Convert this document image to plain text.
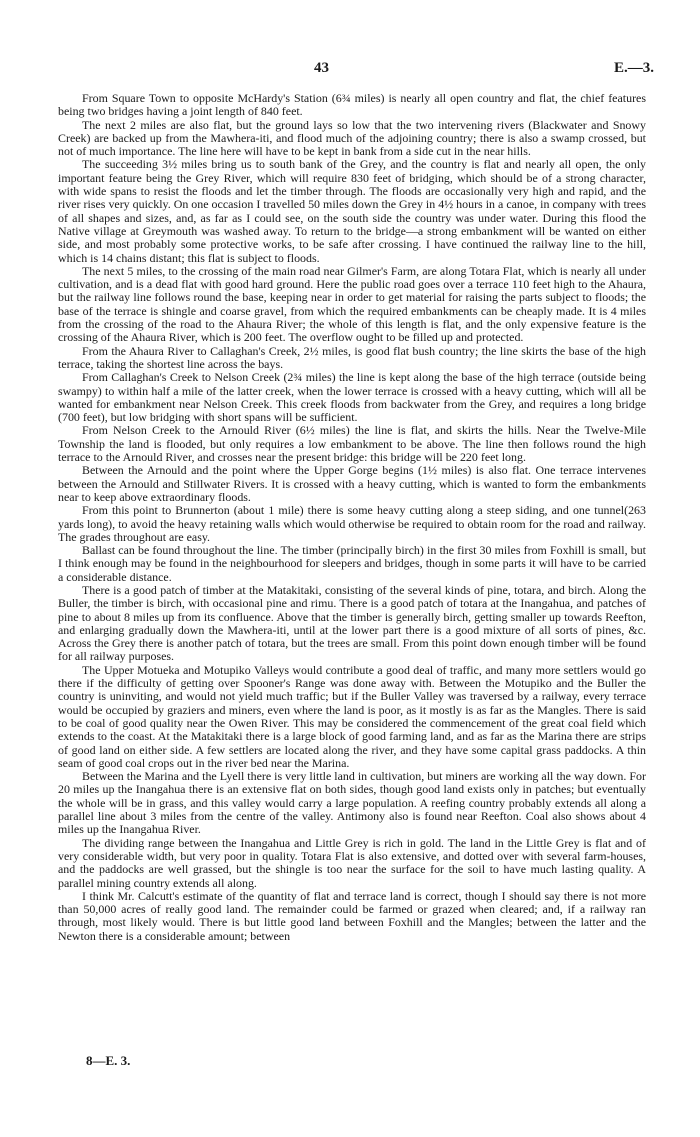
43	E.—3.

From Square Town to opposite McHardy's Station (6¾ miles) is nearly all open country and flat, the chief features being two bridges having a joint length of 840 feet.

The next 2 miles are also flat, but the ground lays so low that the two intervening rivers (Blackwater and Snowy Creek) are backed up from the Mawhera-iti, and flood much of the adjoining country; there is also a swamp crossed, but not of much importance. The line here will have to be kept in bank from a side cut in the near hills.

The succeeding 3½ miles bring us to south bank of the Grey, and the country is flat and nearly all open, the only important feature being the Grey River, which will require 830 feet of bridging, which should be of a strong character, with wide spans to resist the floods and let the timber through. The floods are occasionally very high and rapid, and the river rises very quickly. On one occasion I travelled 50 miles down the Grey in 4½ hours in a canoe, in company with trees of all shapes and sizes, and, as far as I could see, on the south side the country was under water. During this flood the Native village at Greymouth was washed away. To return to the bridge—a strong embankment will be wanted on either side, and most probably some protective works, to be safe after crossing. I have continued the railway line to the hill, which is 14 chains distant; this flat is subject to floods.

The next 5 miles, to the crossing of the main road near Gilmer's Farm, are along Totara Flat, which is nearly all under cultivation, and is a dead flat with good hard ground. Here the public road goes over a terrace 110 feet high to the Ahaura, but the railway line follows round the base, keeping near in order to get material for raising the parts subject to floods; the base of the terrace is shingle and coarse gravel, from which the required embankments can be cheaply made. It is 4 miles from the crossing of the road to the Ahaura River; the whole of this length is flat, and the only expensive feature is the crossing of the Ahaura River, which is 200 feet. The overflow ought to be filled up and protected.

From the Ahaura River to Callaghan's Creek, 2½ miles, is good flat bush country; the line skirts the base of the high terrace, taking the shortest line across the bays.

From Callaghan's Creek to Nelson Creek (2¾ miles) the line is kept along the base of the high terrace (outside being swampy) to within half a mile of the latter creek, when the lower terrace is crossed with a heavy cutting, which will all be wanted for embankment near Nelson Creek. This creek floods from backwater from the Grey, and requires a long bridge (700 feet), but low bridging with short spans will be sufficient.

From Nelson Creek to the Arnould River (6½ miles) the line is flat, and skirts the hills. Near the Twelve-Mile Township the land is flooded, but only requires a low embankment to be above. The line then follows round the high terrace to the Arnould River, and crosses near the present bridge: this bridge will be 220 feet long.

Between the Arnould and the point where the Upper Gorge begins (1½ miles) is also flat. One terrace intervenes between the Arnould and Stillwater Rivers. It is crossed with a heavy cutting, which is wanted to form the embankments near to keep above extraordinary floods.

From this point to Brunnerton (about 1 mile) there is some heavy cutting along a steep siding, and one tunnel(263 yards long), to avoid the heavy retaining walls which would otherwise be required to obtain room for the road and railway. The grades throughout are easy.

Ballast can be found throughout the line. The timber (principally birch) in the first 30 miles from Foxhill is small, but I think enough may be found in the neighbourhood for sleepers and bridges, though in some parts it will have to be carried a considerable distance.

There is a good patch of timber at the Matakitaki, consisting of the several kinds of pine, totara, and birch. Along the Buller, the timber is birch, with occasional pine and rimu. There is a good patch of totara at the Inangahua, and patches of pine to about 8 miles up from its confluence. Above that the timber is generally birch, getting smaller up towards Reefton, and enlarging gradually down the Mawhera-iti, until at the lower part there is a good mixture of all sorts of pines, &c. Across the Grey there is another patch of totara, but the trees are small. From this point down enough timber will be found for all railway purposes.

The Upper Motueka and Motupiko Valleys would contribute a good deal of traffic, and many more settlers would go there if the difficulty of getting over Spooner's Range was done away with. Between the Motupiko and the Buller the country is uninviting, and would not yield much traffic; but if the Buller Valley was traversed by a railway, every terrace would be occupied by graziers and miners, even where the land is poor, as it mostly is as far as the Mangles. There is said to be coal of good quality near the Owen River. This may be considered the commencement of the great coal field which extends to the coast. At the Matakitaki there is a large block of good farming land, and as far as the Marina there are strips of good land on either side. A few settlers are located along the river, and they have some capital grass paddocks. A thin seam of good coal crops out in the river bed near the Marina.

Between the Marina and the Lyell there is very little land in cultivation, but miners are working all the way down. For 20 miles up the Inangahua there is an extensive flat on both sides, though good land exists only in patches; but eventually the whole will be in grass, and this valley would carry a large population. A reefing country probably extends all along a parallel line about 3 miles from the centre of the valley. Antimony also is found near Reefton. Coal also shows about 4 miles up the Inangahua River.

The dividing range between the Inangahua and Little Grey is rich in gold. The land in the Little Grey is flat and of very considerable width, but very poor in quality. Totara Flat is also extensive, and dotted over with several farm-houses, and the paddocks are well grassed, but the shingle is too near the surface for the soil to have much lasting quality. A parallel mining country extends all along.

I think Mr. Calcutt's estimate of the quantity of flat and terrace land is correct, though I should say there is not more than 50,000 acres of really good land. The remainder could be farmed or grazed when cleared; and, if a railway ran through, most likely would. There is but little good land between Foxhill and the Mangles; between the latter and the Newton there is a considerable amount; between

8—E. 3.
